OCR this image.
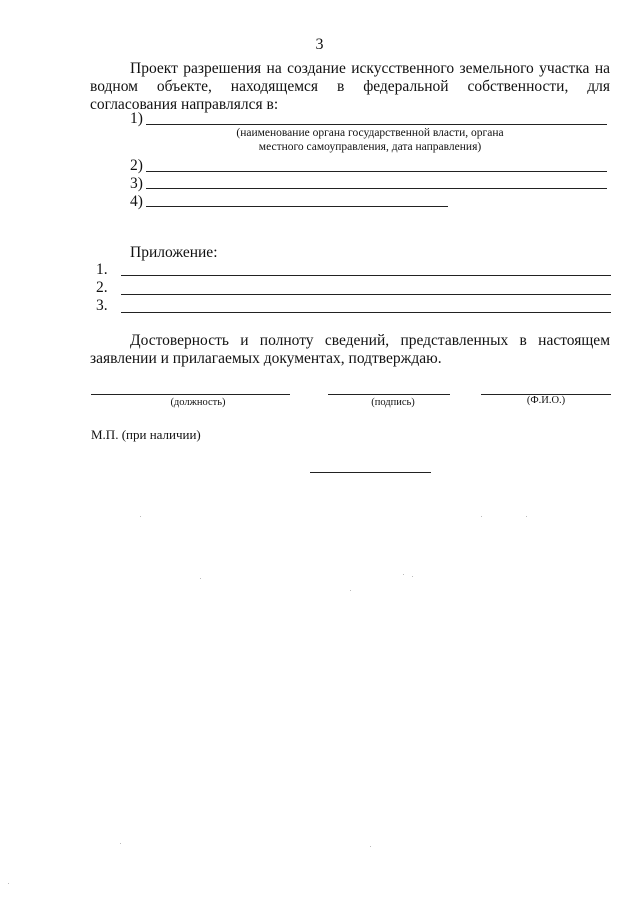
3
Проект разрешения на создание искусственного земельного участка на водном объекте, находящемся в федеральной собственности, для согласования направлялся в:
1)
(наименование органа государственной власти, органа
местного самоуправления, дата направления)
2)
3)
4)
Приложение:
1.
2.
3.
Достоверность и полноту сведений, представленных в настоящем заявлении и прилагаемых документах, подтверждаю.
(должность)	(подпись)	(Ф.И.О.)
М.П. (при наличии)
